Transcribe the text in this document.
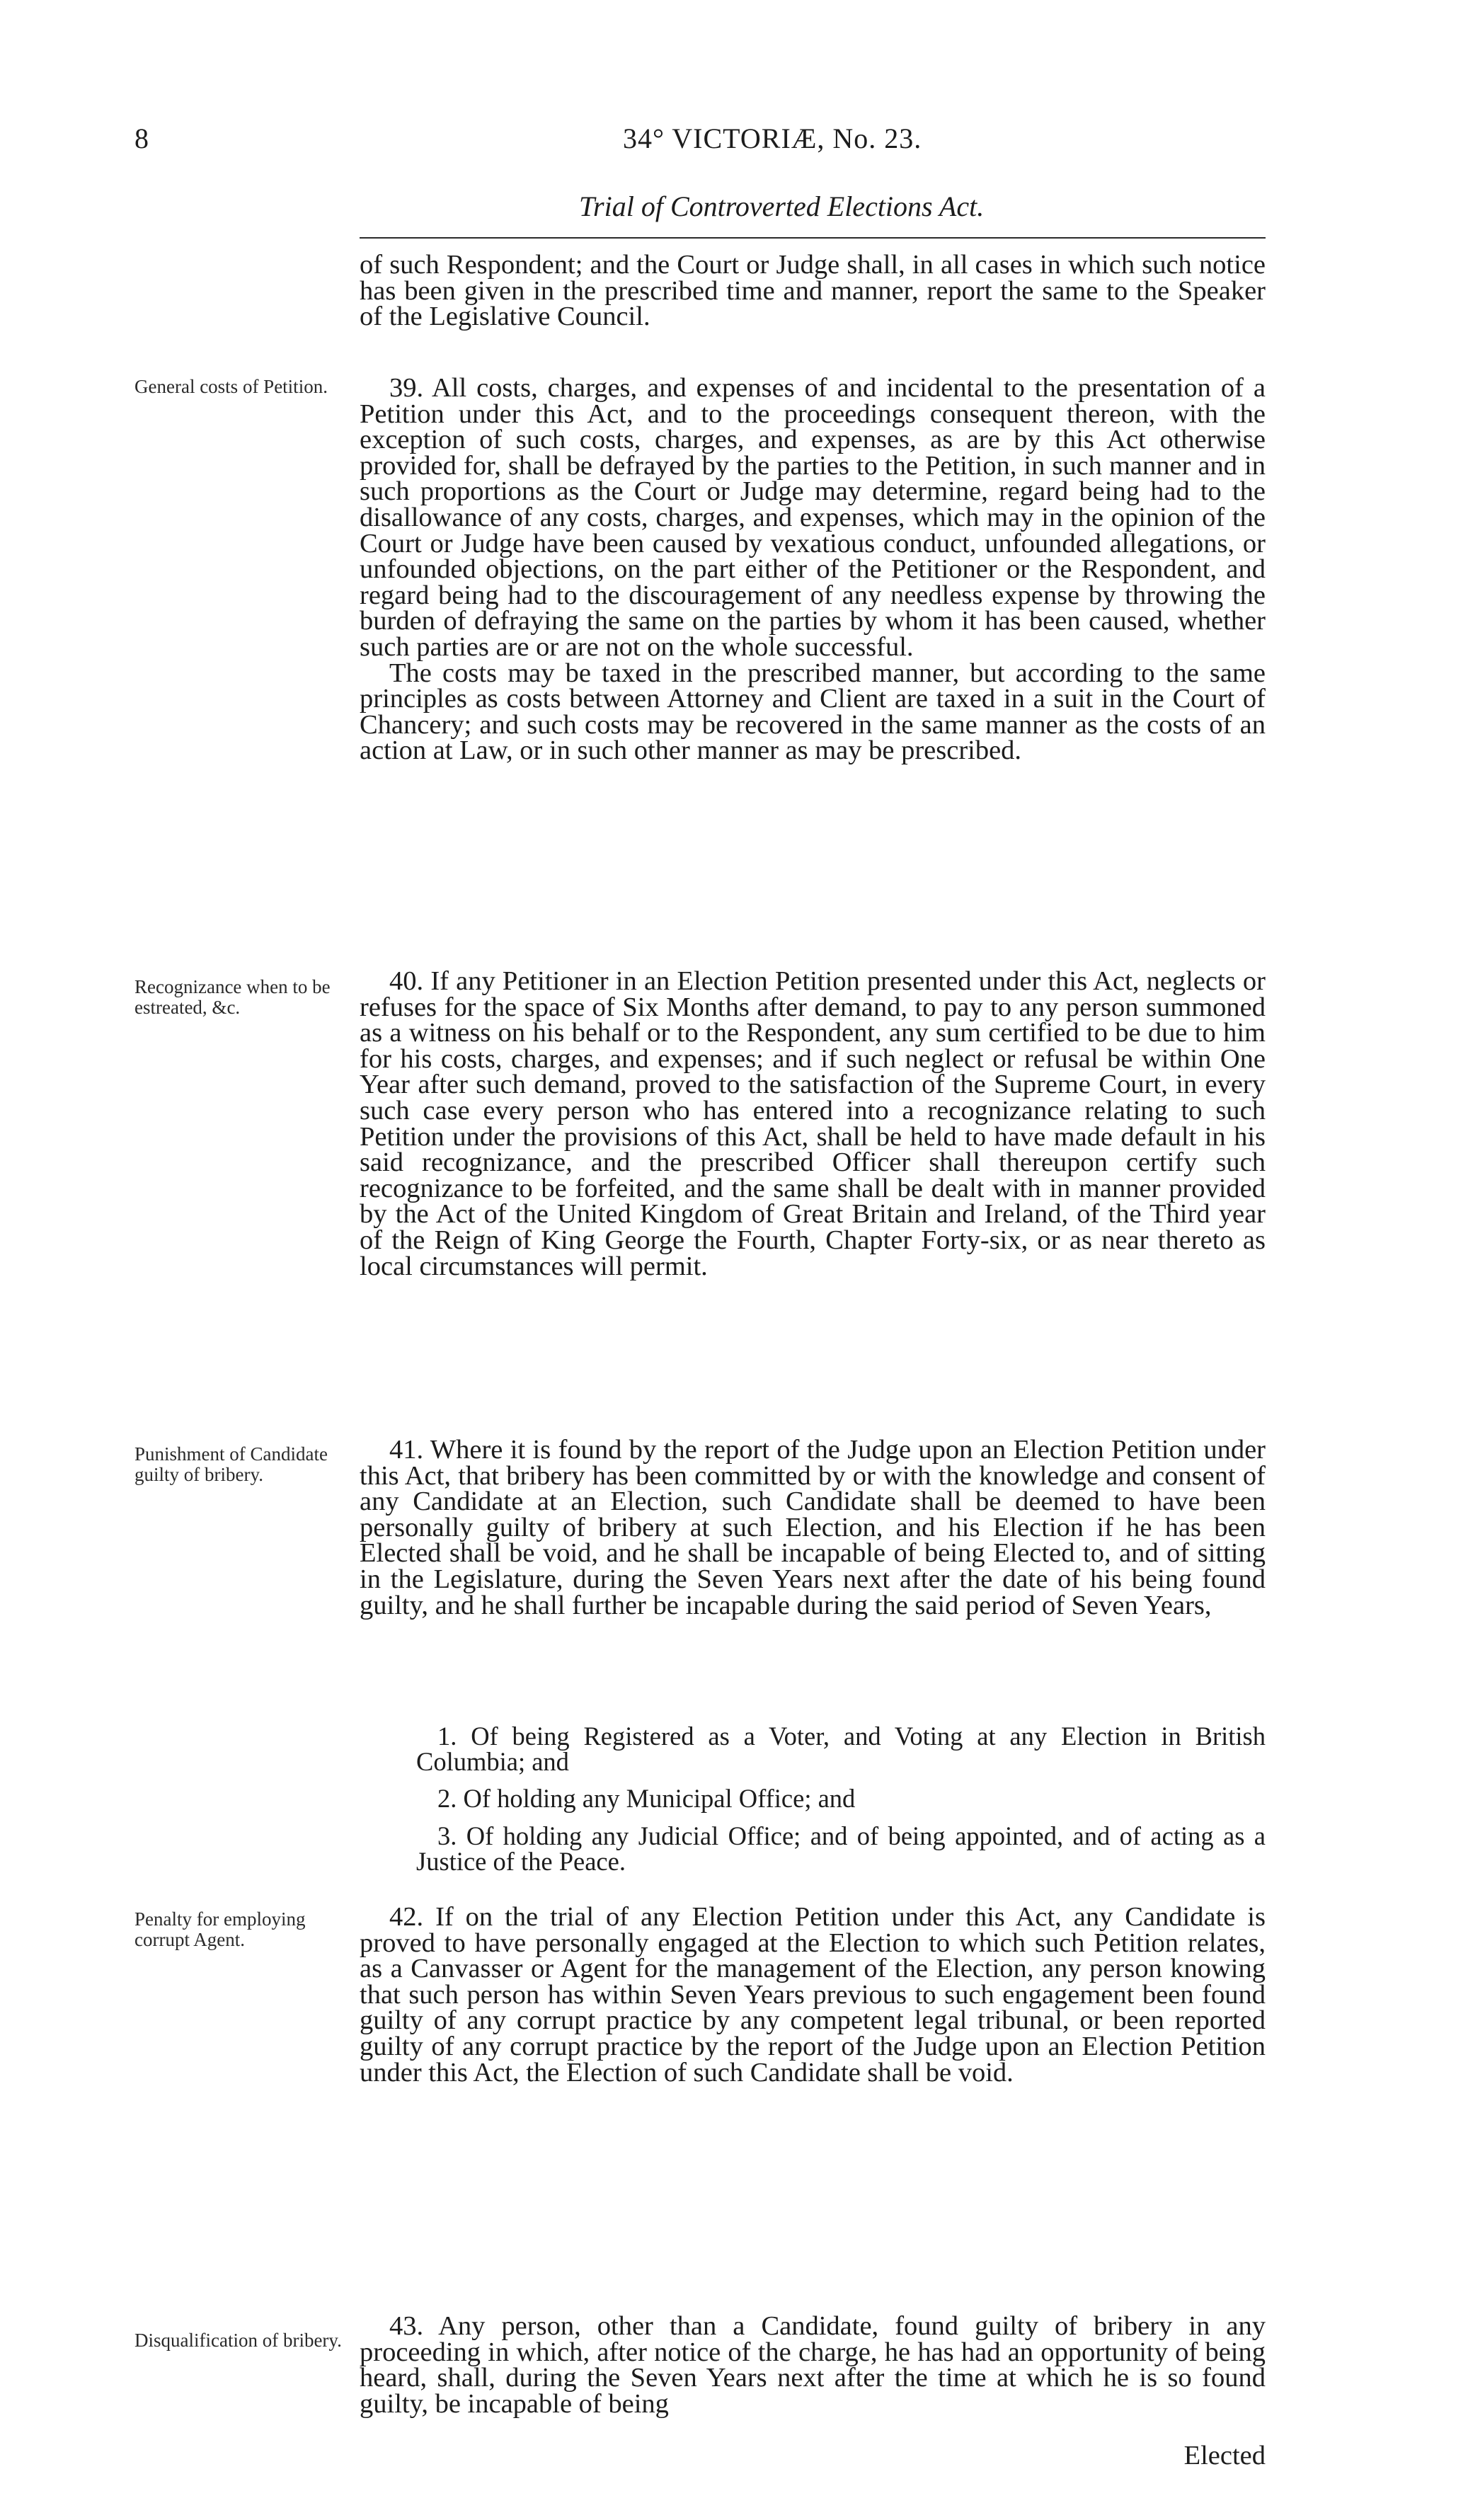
8	34° VICTORIÆ, No. 23.
Trial of Controverted Elections Act.

of such Respondent; and the Court or Judge shall, in all cases in which such notice has been given in the prescribed time and manner, report the same to the Speaker of the Legislative Council.

General costs of Petition.	39. All costs, charges, and expenses of and incidental to the presentation of a Petition under this Act, and to the proceedings consequent thereon, with the exception of such costs, charges, and expenses, as are by this Act otherwise provided for, shall be defrayed by the parties to the Petition, in such manner and in such proportions as the Court or Judge may determine, regard being had to the disallowance of any costs, charges, and expenses, which may in the opinion of the Court or Judge have been caused by vexatious conduct, unfounded allegations, or unfounded objections, on the part either of the Petitioner or the Respondent, and regard being had to the discouragement of any needless expense by throwing the burden of defraying the same on the parties by whom it has been caused, whether such parties are or are not on the whole successful.

The costs may be taxed in the prescribed manner, but according to the same principles as costs between Attorney and Client are taxed in a suit in the Court of Chancery; and such costs may be recovered in the same manner as the costs of an action at Law, or in such other manner as may be prescribed.

Recognizance when to be estreated, &c.

40. If any Petitioner in an Election Petition presented under this Act, neglects or refuses for the space of Six Months after demand, to pay to any person summoned as a witness on his behalf or to the Respondent, any sum certified to be due to him for his costs, charges, and expenses; and if such neglect or refusal be within One Year after such demand, proved to the satisfaction of the Supreme Court, in every such case every person who has entered into a recognizance relating to such Petition under the provisions of this Act, shall be held to have made default in his said recognizance, and the prescribed Officer shall thereupon certify such recognizance to be forfeited, and the same shall be dealt with in manner provided by the Act of the United Kingdom of Great Britain and Ireland, of the Third year of the Reign of King George the Fourth, Chapter Forty-six, or as near thereto as local circumstances will permit.

Punishment of Candidate guilty of bribery.

41. Where it is found by the report of the Judge upon an Election Petition under this Act, that bribery has been committed by or with the knowledge and consent of any Candidate at an Election, such Candidate shall be deemed to have been personally guilty of bribery at such Election, and his Election if he has been Elected shall be void, and he shall be incapable of being Elected to, and of sitting in the Legislature, during the Seven Years next after the date of his being found guilty, and he shall further be incapable during the said period of Seven Years,

1. Of being Registered as a Voter, and Voting at any Election in British Columbia; and
2. Of holding any Municipal Office; and
3. Of holding any Judicial Office; and of being appointed, and of acting as a Justice of the Peace.
Penalty for employing corrupt Agent.

42. If on the trial of any Election Petition under this Act, any Candidate is proved to have personally engaged at the Election to which such Petition relates, as a Canvasser or Agent for the management of the Election, any person knowing that such person has within Seven Years previous to such engagement been found guilty of any corrupt practice by any competent legal tribunal, or been reported guilty of any corrupt practice by the report of the Judge upon an Election Petition under this Act, the Election of such Candidate shall be void.

Disqualification of bribery.	43. Any person, other than a Candidate, found guilty of bribery in any proceeding in which, after notice of the charge, he has had an opportunity of being heard, shall, during the Seven Years next after the time at which he is so found guilty, be incapable of being

Elected
